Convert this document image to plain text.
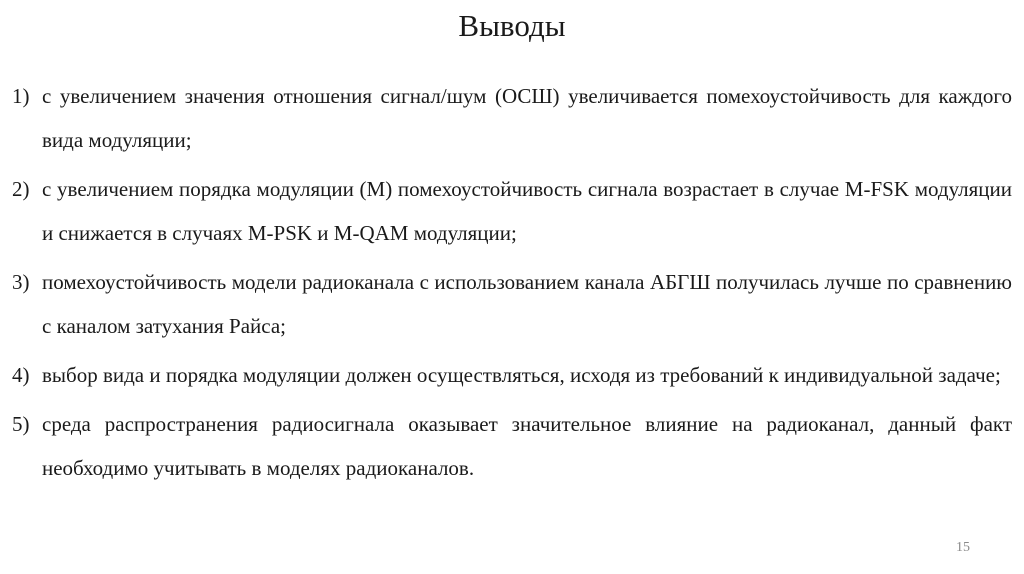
Выводы
1) с увеличением значения отношения сигнал/шум (ОСШ) увеличивается помехоустойчивость для каждого вида модуляции;
2) с увеличением порядка модуляции (М) помехоустойчивость сигнала возрастает в случае M-FSK модуляции и снижается в случаях M-PSK и M-QAM модуляции;
3) помехоустойчивость модели радиоканала с использованием канала АБГШ получилась лучше по сравнению с каналом затухания Райса;
4) выбор вида и порядка модуляции должен осуществляться, исходя из требований к индивидуальной задаче;
5) среда распространения радиосигнала оказывает значительное влияние на радиоканал, данный факт необходимо учитывать в моделях радиоканалов.
15
